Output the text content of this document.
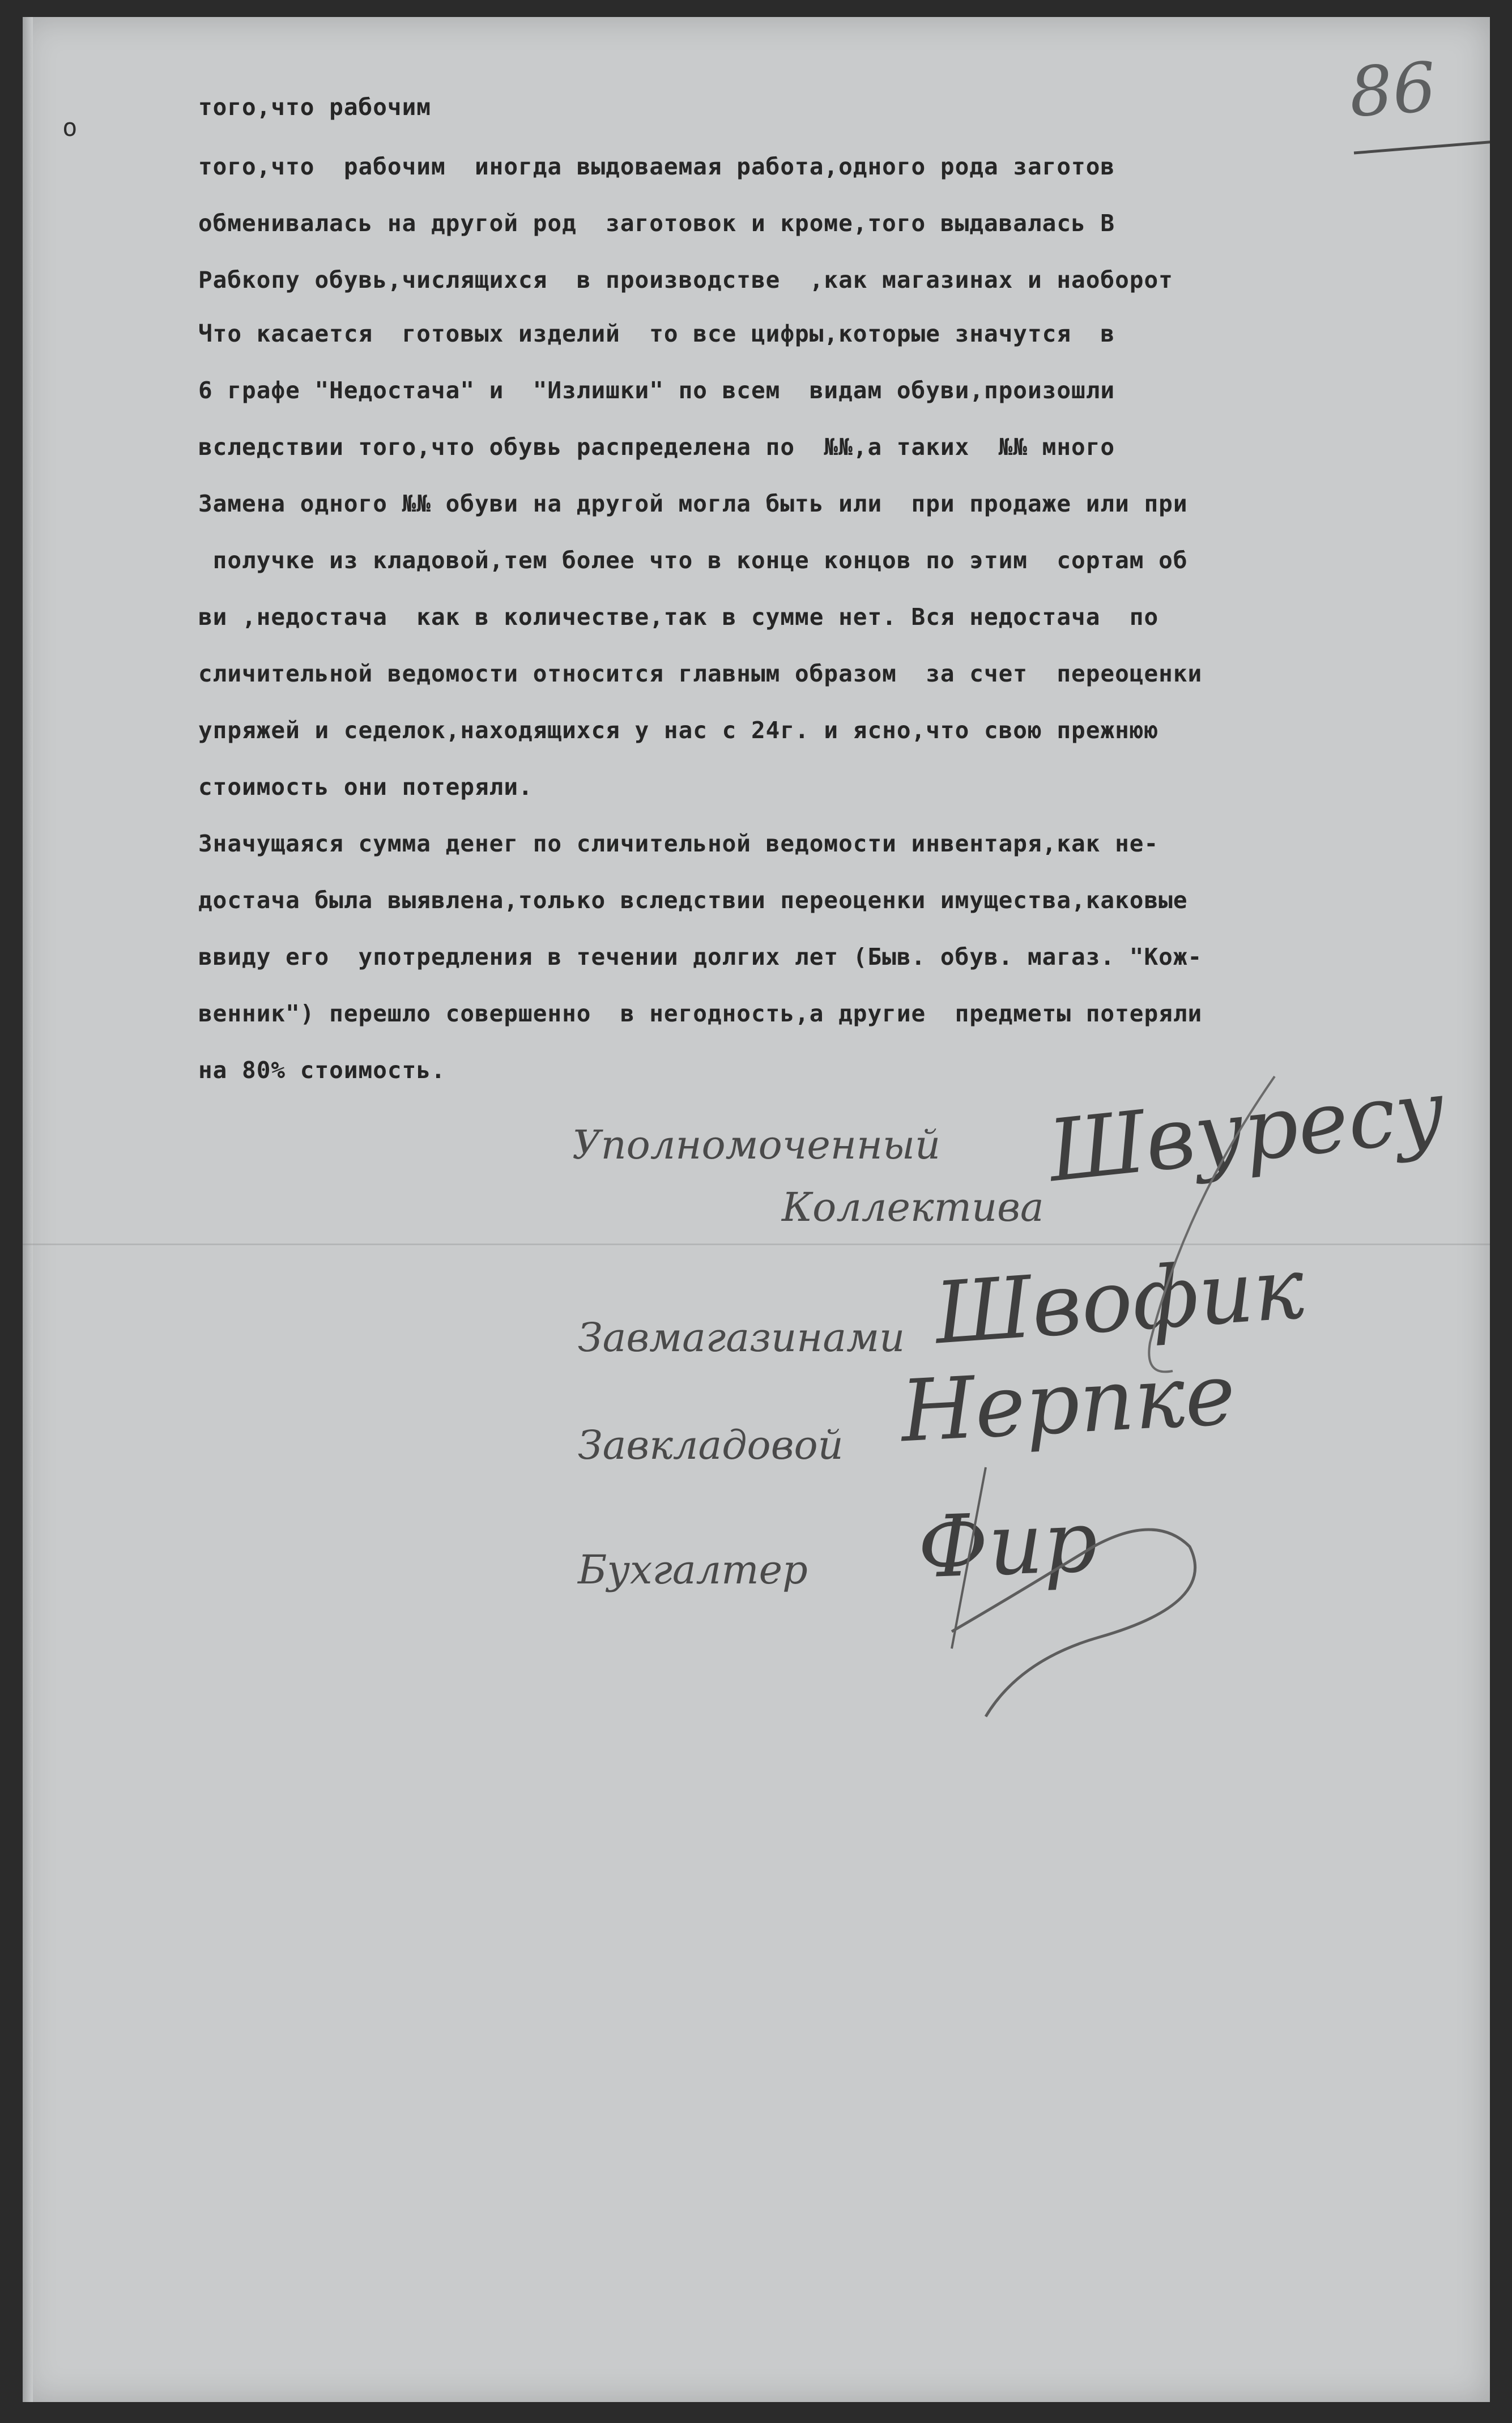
86
о
того,что рабочим
того,что  рабочим  иногда выдоваемая работа,одного рода заготов
обменивалась на другой род  заготовок и кроме,того выдавалась В
Рабкопу обувь,числящихся  в производстве  ,как магазинах и наоборот
Что касается  готовых изделий  то все цифры,которые значутся  в
6 графе "Недостача" и  "Излишки" по всем  видам обуви,произошли
вследствии того,что обувь распределена по  №№,а таких  №№ много
Замена одного №№ обуви на другой могла быть или  при продаже или при
получке из кладовой,тем более что в конце концов по этим  сортам об
ви ,недостача  как в количестве,так в сумме нет. Вся недостача  по
сличительной ведомости относится главным образом  за счет  переоценки
упряжей и седелок,находящихся у нас с 24г. и ясно,что свою прежнюю
стоимость они потеряли.
Значущаяся сумма денег по сличительной ведомости инвентаря,как не-
достача была выявлена,только вследствии переоценки имущества,каковые
ввиду его  употредления в течении долгих лет (Быв. обув. магаз. "Кож-
венник") перешло совершенно  в негодность,а другие  предметы потеряли
на 80% стоимость.
Уполномоченный
Коллектива
Швуресу
Завмагазинами Швофик
Завкладовой Нерпке
Бухгалтер Фир
